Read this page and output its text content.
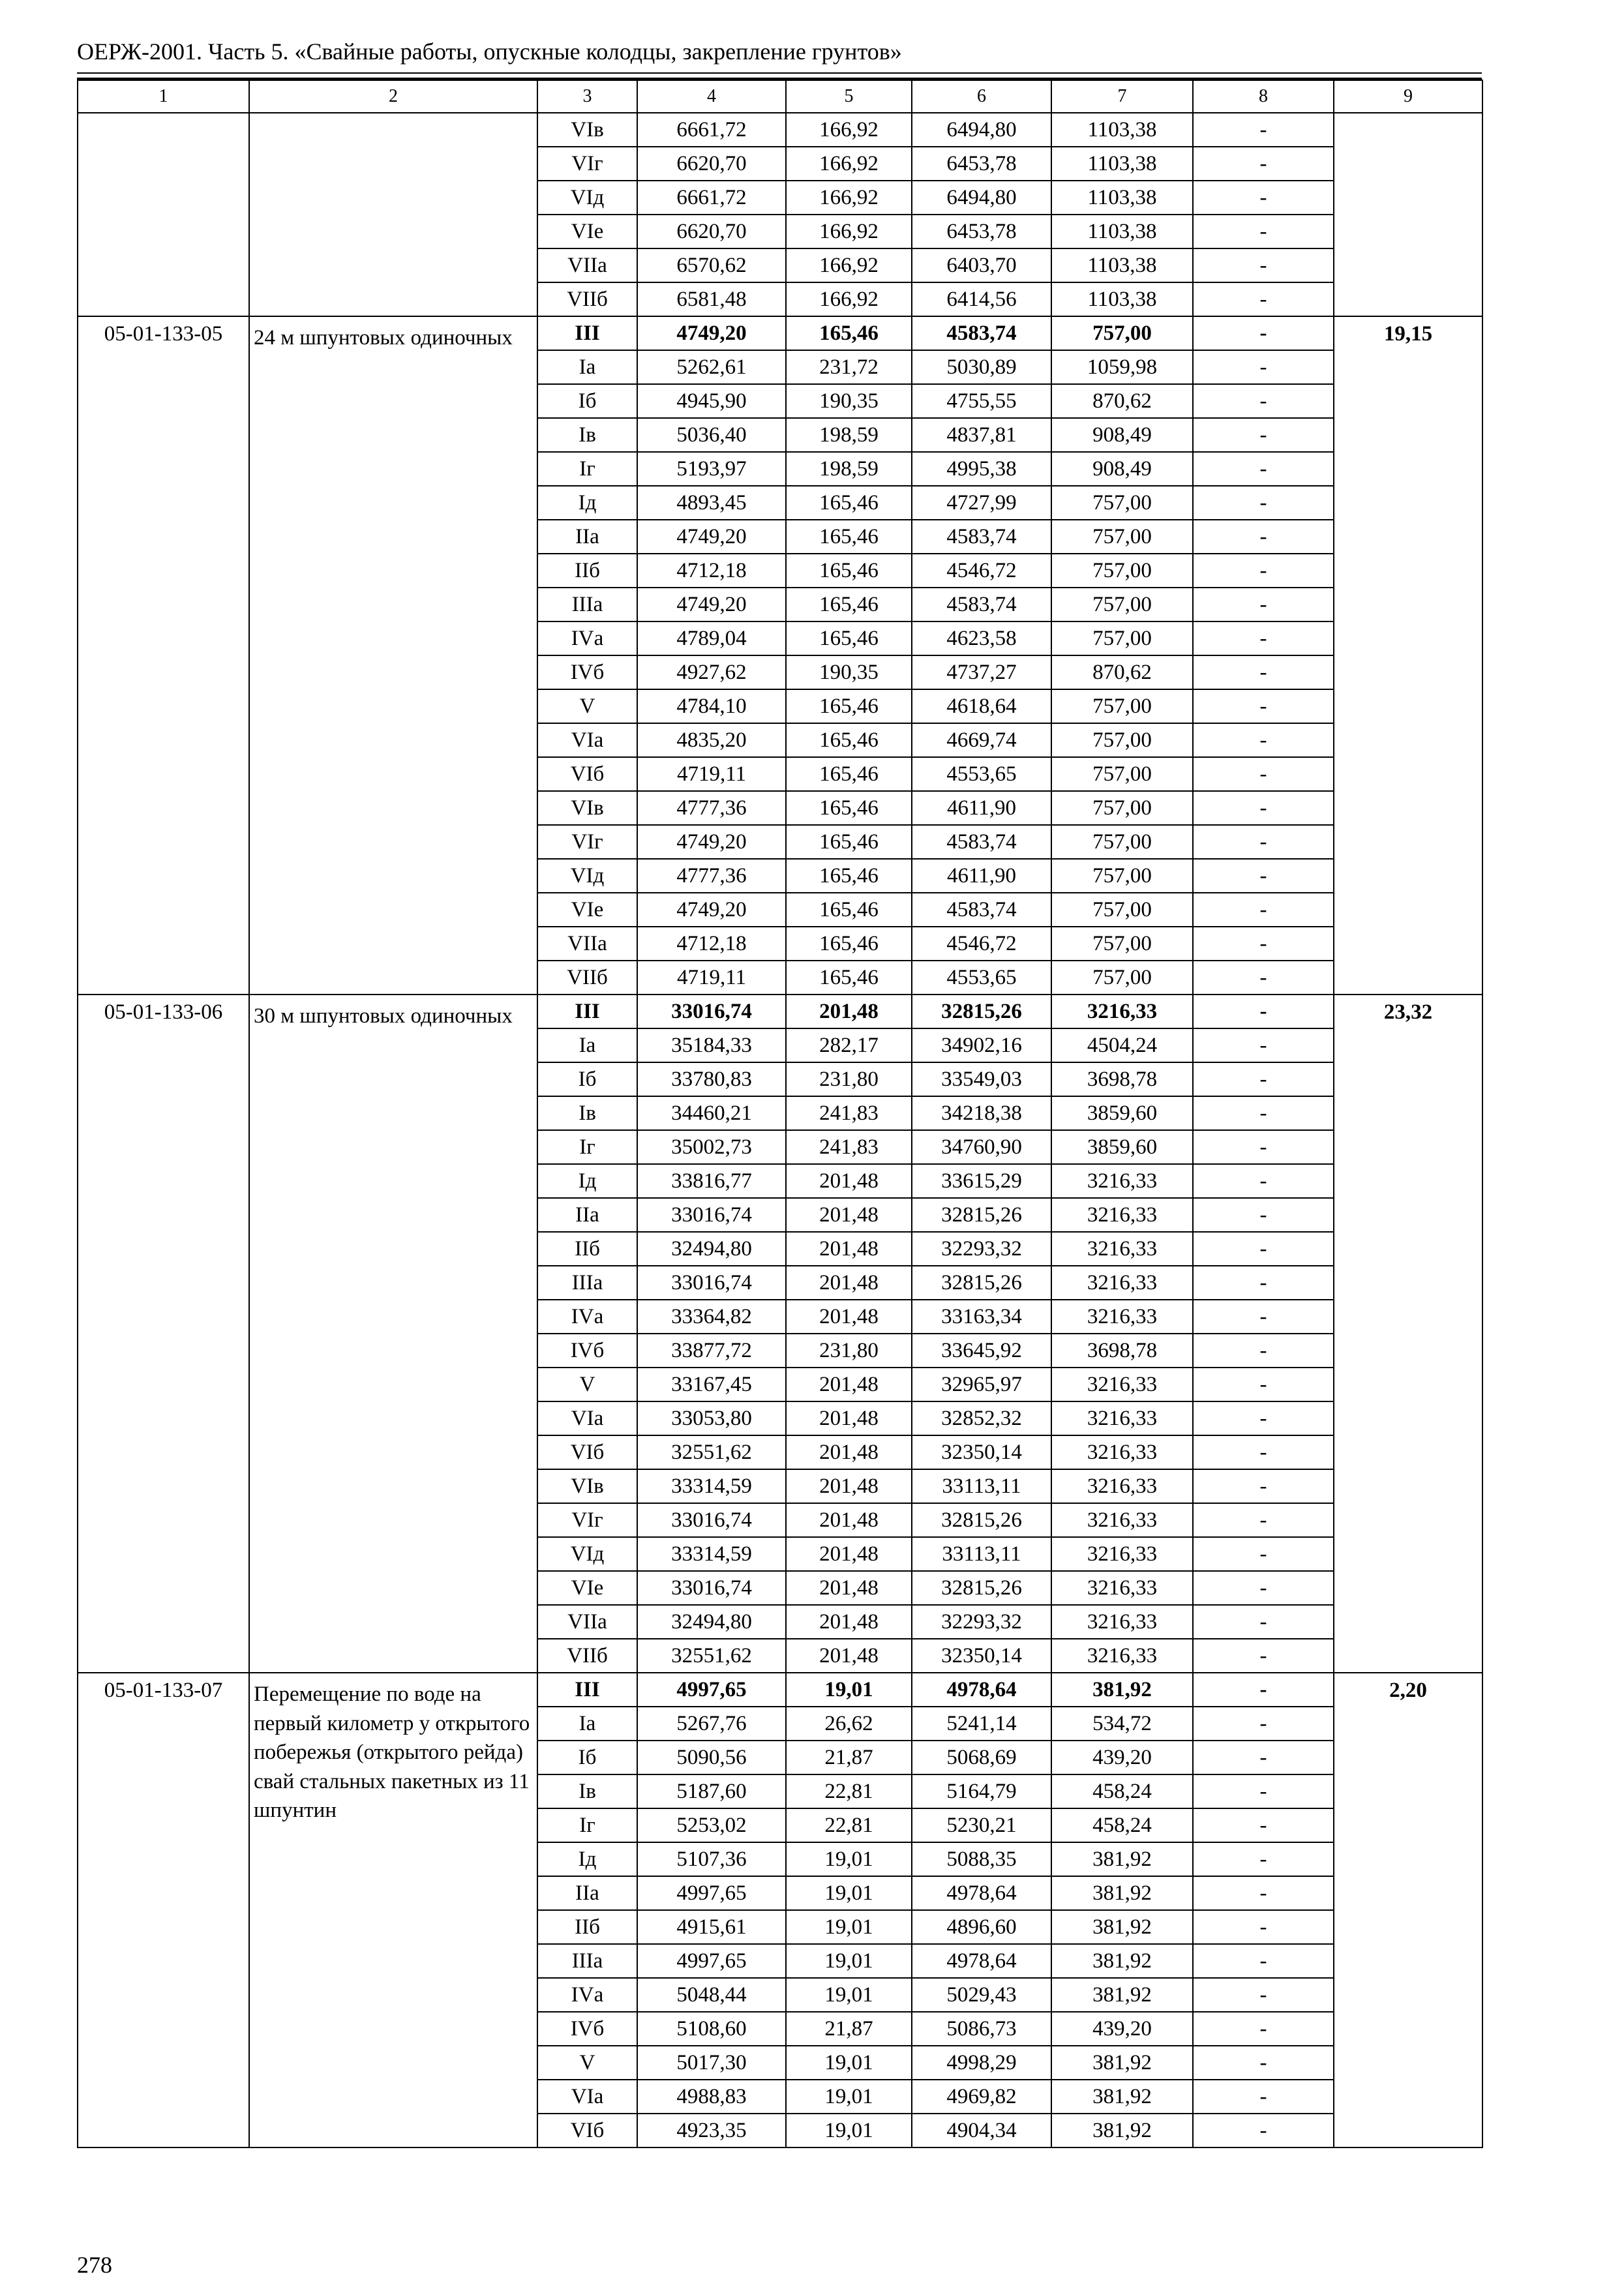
ОЕРЖ-2001. Часть 5. «Свайные работы, опускные колодцы, закрепление грунтов»
1	2	3	4	5	6	7	8	9
		VIв	6661,72	166,92	6494,80	1103,38	-	
		VIг	6620,70	166,92	6453,78	1103,38	-	
		VIд	6661,72	166,92	6494,80	1103,38	-	
		VIе	6620,70	166,92	6453,78	1103,38	-	
		VIIа	6570,62	166,92	6403,70	1103,38	-	
		VIIб	6581,48	166,92	6414,56	1103,38	-	
05-01-133-05	24 м шпунтовых одиночных	III	4749,20	165,46	4583,74	757,00	-	19,15
		Iа	5262,61	231,72	5030,89	1059,98	-	
		Iб	4945,90	190,35	4755,55	870,62	-	
		Iв	5036,40	198,59	4837,81	908,49	-	
		Iг	5193,97	198,59	4995,38	908,49	-	
		Iд	4893,45	165,46	4727,99	757,00	-	
		IIа	4749,20	165,46	4583,74	757,00	-	
		IIб	4712,18	165,46	4546,72	757,00	-	
		IIIа	4749,20	165,46	4583,74	757,00	-	
		IVа	4789,04	165,46	4623,58	757,00	-	
		IVб	4927,62	190,35	4737,27	870,62	-	
		V	4784,10	165,46	4618,64	757,00	-	
		VIа	4835,20	165,46	4669,74	757,00	-	
		VIб	4719,11	165,46	4553,65	757,00	-	
		VIв	4777,36	165,46	4611,90	757,00	-	
		VIг	4749,20	165,46	4583,74	757,00	-	
		VIд	4777,36	165,46	4611,90	757,00	-	
		VIе	4749,20	165,46	4583,74	757,00	-	
		VIIа	4712,18	165,46	4546,72	757,00	-	
		VIIб	4719,11	165,46	4553,65	757,00	-	
05-01-133-06	30 м шпунтовых одиночных	III	33016,74	201,48	32815,26	3216,33	-	23,32
		Iа	35184,33	282,17	34902,16	4504,24	-	
		Iб	33780,83	231,80	33549,03	3698,78	-	
		Iв	34460,21	241,83	34218,38	3859,60	-	
		Iг	35002,73	241,83	34760,90	3859,60	-	
		Iд	33816,77	201,48	33615,29	3216,33	-	
		IIа	33016,74	201,48	32815,26	3216,33	-	
		IIб	32494,80	201,48	32293,32	3216,33	-	
		IIIа	33016,74	201,48	32815,26	3216,33	-	
		IVа	33364,82	201,48	33163,34	3216,33	-	
		IVб	33877,72	231,80	33645,92	3698,78	-	
		V	33167,45	201,48	32965,97	3216,33	-	
		VIа	33053,80	201,48	32852,32	3216,33	-	
		VIб	32551,62	201,48	32350,14	3216,33	-	
		VIв	33314,59	201,48	33113,11	3216,33	-	
		VIг	33016,74	201,48	32815,26	3216,33	-	
		VIд	33314,59	201,48	33113,11	3216,33	-	
		VIе	33016,74	201,48	32815,26	3216,33	-	
		VIIа	32494,80	201,48	32293,32	3216,33	-	
		VIIб	32551,62	201,48	32350,14	3216,33	-	
05-01-133-07	Перемещение по воде на первый километр у открытого побережья (открытого рейда) свай стальных пакетных из 11 шпунтин	III	4997,65	19,01	4978,64	381,92	-	2,20
		Iа	5267,76	26,62	5241,14	534,72	-	
		Iб	5090,56	21,87	5068,69	439,20	-	
		Iв	5187,60	22,81	5164,79	458,24	-	
		Iг	5253,02	22,81	5230,21	458,24	-	
		Iд	5107,36	19,01	5088,35	381,92	-	
		IIа	4997,65	19,01	4978,64	381,92	-	
		IIб	4915,61	19,01	4896,60	381,92	-	
		IIIа	4997,65	19,01	4978,64	381,92	-	
		IVа	5048,44	19,01	5029,43	381,92	-	
		IVб	5108,60	21,87	5086,73	439,20	-	
		V	5017,30	19,01	4998,29	381,92	-	
		VIа	4988,83	19,01	4969,82	381,92	-	
		VIб	4923,35	19,01	4904,34	381,92	-	
278
